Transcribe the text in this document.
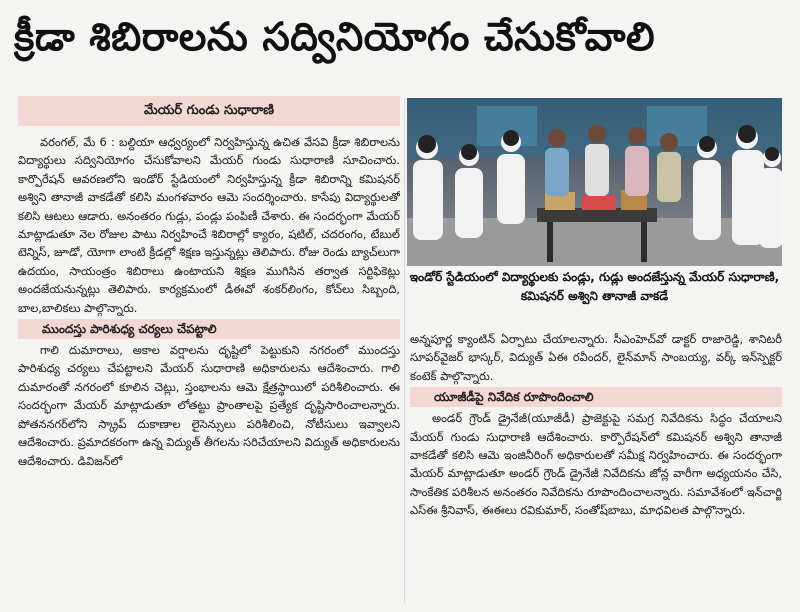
క్రీడా శిబిరాలను సద్వినియోగం చేసుకోవాలి
మేయర్ గుండు సుధారాణి

వరంగల్, మే 6 : బల్దియా ఆధ్వర్యంలో నిర్వహిస్తున్న ఉచిత వేసవి క్రీడా శిబిరాలను విద్యార్థులు సద్వినియోగం చేసుకోవాలని మేయర్ గుండు సుధారాణి సూచించారు. కార్పొరేషన్ ఆవరణలోని ఇండోర్ స్టేడియంలో నిర్వహిస్తున్న క్రీడా శిబిరాన్ని కమిషనర్ అశ్విని తానాజీ వాకడేతో కలిసి మంగళవారం ఆమె సందర్శించారు. కాసేపు విద్యార్థులతో కలిసి ఆటలు ఆడారు. అనంతరం గుడ్లు, పండ్లు పంపిణీ చేశారు. ఈ సందర్భంగా మేయర్ మాట్లాడుతూ నెల రోజుల పాటు నిర్వహించే శిబిరాల్లో క్యారం, షటిల్, చదరంగం, టేబుల్ టెన్నిస్, జూడో, యోగా లాంటి క్రీడల్లో శిక్షణ ఇస్తున్నట్లు తెలిపారు. రోజు రెండు బ్యాచ్‌లుగా ఉదయం, సాయంత్రం శిబిరాలు ఉంటాయని శిక్షణ ముగిసిన తర్వాత సర్టిఫికెట్లు అందజేయనున్నట్లు తెలిపారు. కార్యక్రమంలో డీఈవో శంకర్‌లింగం, కోచ్‌లు సిబ్బంది, బాల,బాలికలు పాల్గొన్నారు.

ముందస్తు పారిశుధ్య చర్యలు చేపట్టాలి

గాలి దుమారాలు, అకాల వర్షాలను దృష్టిలో పెట్టుకుని నగరంలో ముందస్తు పారిశుధ్య చర్యలు చేపట్టాలని మేయర్ సుధారాణి అధికారులను ఆదేశించారు. గాలి దుమారంతో నగరంలో కూలిన చెట్లు, స్తంభాలను ఆమె క్షేత్రస్థాయిలో పరిశీలించారు. ఈ సందర్భంగా మేయర్ మాట్లాడుతూ లోతట్టు ప్రాంతాలపై ప్రత్యేక దృష్టిసారించాలన్నారు. పోతననగర్‌లోని స్క్రాప్ దుకాణాల లైసెన్సులు పరిశీలించి, నోటీసులు ఇవ్వాలని ఆదేశించారు. ప్రమాదకరంగా ఉన్న విద్యుత్ తీగలను సరిచేయాలని విద్యుత్ అధికారులను ఆదేశించారు. డివిజన్‌లో

ఇండోర్ స్టేడియంలో విద్యార్థులకు పండ్లు, గుడ్లు అందజేస్తున్న మేయర్ సుధారాణి, కమిషనర్ అశ్విని తానాజీ వాకడే

అన్నపూర్ణ క్యాంటిన్ ఏర్పాటు చేయాలన్నారు. సీఎంహెచ్‌వో డాక్టర్ రాజారెడ్డి, శానిటరీ సూపర్‌వైజర్ భాస్కర్, విద్యుత్ ఏఈ రవీందర్, లైన్‌మాన్ సాంబయ్య, వర్క్ ఇన్‌స్పెక్టర్ కంటెక్ పాల్గొన్నారు.

యూజీడీపై నివేదిక రూపొందించాలి

అండర్ గ్రౌండ్ డ్రైనేజీ(యూజీడీ) ప్రాజెక్టుపై సమగ్ర నివేదికను సిద్ధం చేయాలని మేయర్ గుండు సుధారాణి ఆదేశించారు. కార్పొరేషన్‌లో కమిషనర్ అశ్విని తానాజీ వాకడేతో కలిసి ఆమె ఇంజినీరింగ్ అధికారులతో సమీక్ష నిర్వహించారు. ఈ సందర్భంగా మేయర్ మాట్లాడుతూ అండర్ గ్రౌండ్ డ్రైనేజీ నివేదికను జోన్ల వారీగా అధ్యయనం చేసి, సాంకేతిక పరిశీలన అనంతరం నివేదికను రూపొందించాలన్నారు. సమావేశంలో ఇన్‌చార్జి ఎస్ఈ శ్రీనివాస్, ఈఈలు రవికుమార్, సంతోష్‌బాబు, మాధవిలత పాల్గొన్నారు.
